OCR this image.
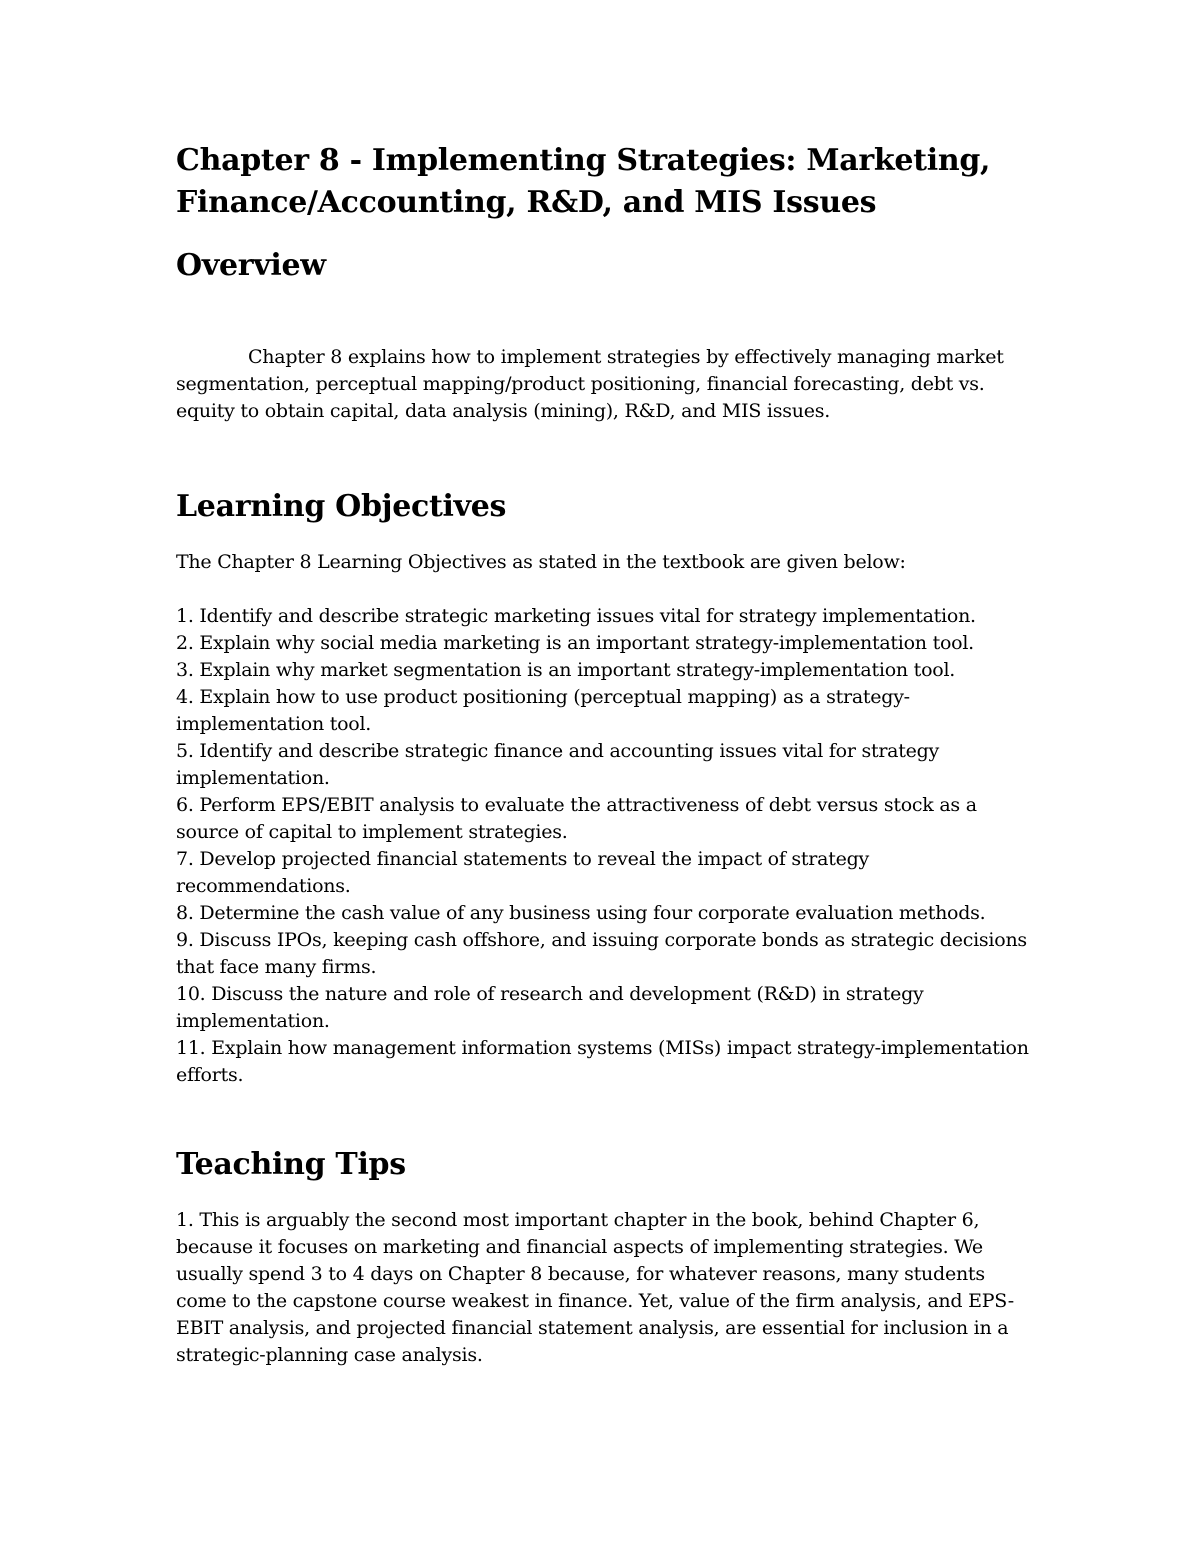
Chapter 8 - Implementing Strategies: Marketing, Finance/Accounting, R&D, and MIS Issues
Overview

Chapter 8 explains how to implement strategies by effectively managing market segmentation, perceptual mapping/product positioning, financial forecasting, debt vs. equity to obtain capital, data analysis (mining), R&D, and MIS issues.

Learning Objectives

The Chapter 8 Learning Objectives as stated in the textbook are given below:

1. Identify and describe strategic marketing issues vital for strategy implementation.
2. Explain why social media marketing is an important strategy-implementation tool.
3. Explain why market segmentation is an important strategy-implementation tool.
4. Explain how to use product positioning (perceptual mapping) as a strategy-implementation tool.
5. Identify and describe strategic finance and accounting issues vital for strategy implementation.
6. Perform EPS/EBIT analysis to evaluate the attractiveness of debt versus stock as a source of capital to implement strategies.
7. Develop projected financial statements to reveal the impact of strategy recommendations.
8. Determine the cash value of any business using four corporate evaluation methods.
9. Discuss IPOs, keeping cash offshore, and issuing corporate bonds as strategic decisions that face many firms.
10. Discuss the nature and role of research and development (R&D) in strategy implementation.
11. Explain how management information systems (MISs) impact strategy-implementation efforts.
Teaching Tips

1. This is arguably the second most important chapter in the book, behind Chapter 6, because it focuses on marketing and financial aspects of implementing strategies. We usually spend 3 to 4 days on Chapter 8 because, for whatever reasons, many students come to the capstone course weakest in finance. Yet, value of the firm analysis, and EPS-EBIT analysis, and projected financial statement analysis, are essential for inclusion in a strategic-planning case analysis.
